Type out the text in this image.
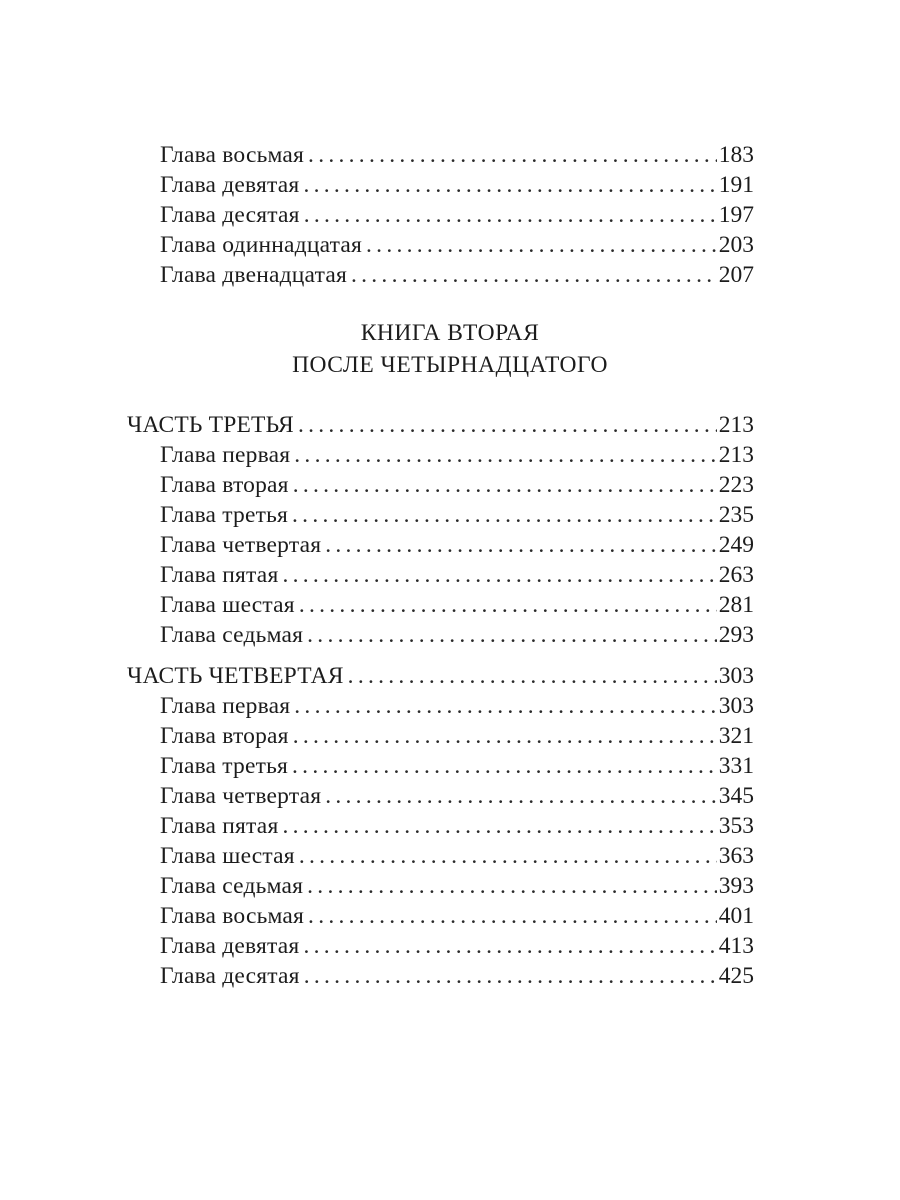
Глава восьмая . . .	183
Глава девятая . . .	191
Глава десятая . . .	197
Глава одиннадцатая . . .	203
Глава двенадцатая . . .	207
КНИГА ВТОРАЯ
ПОСЛЕ ЧЕТЫРНАДЦАТОГО
ЧАСТЬ ТРЕТЬЯ . . .	213
Глава первая . . .	213
Глава вторая . . .	223
Глава третья . . .	235
Глава четвертая . . .	249
Глава пятая . . .	263
Глава шестая . . .	281
Глава седьмая . . .	293
ЧАСТЬ ЧЕТВЕРТАЯ . . .	303
Глава первая . . .	303
Глава вторая . . .	321
Глава третья . . .	331
Глава четвертая . . .	345
Глава пятая . . .	353
Глава шестая . . .	363
Глава седьмая . . .	393
Глава восьмая . . .	401
Глава девятая . . .	413
Глава десятая . . .	425
